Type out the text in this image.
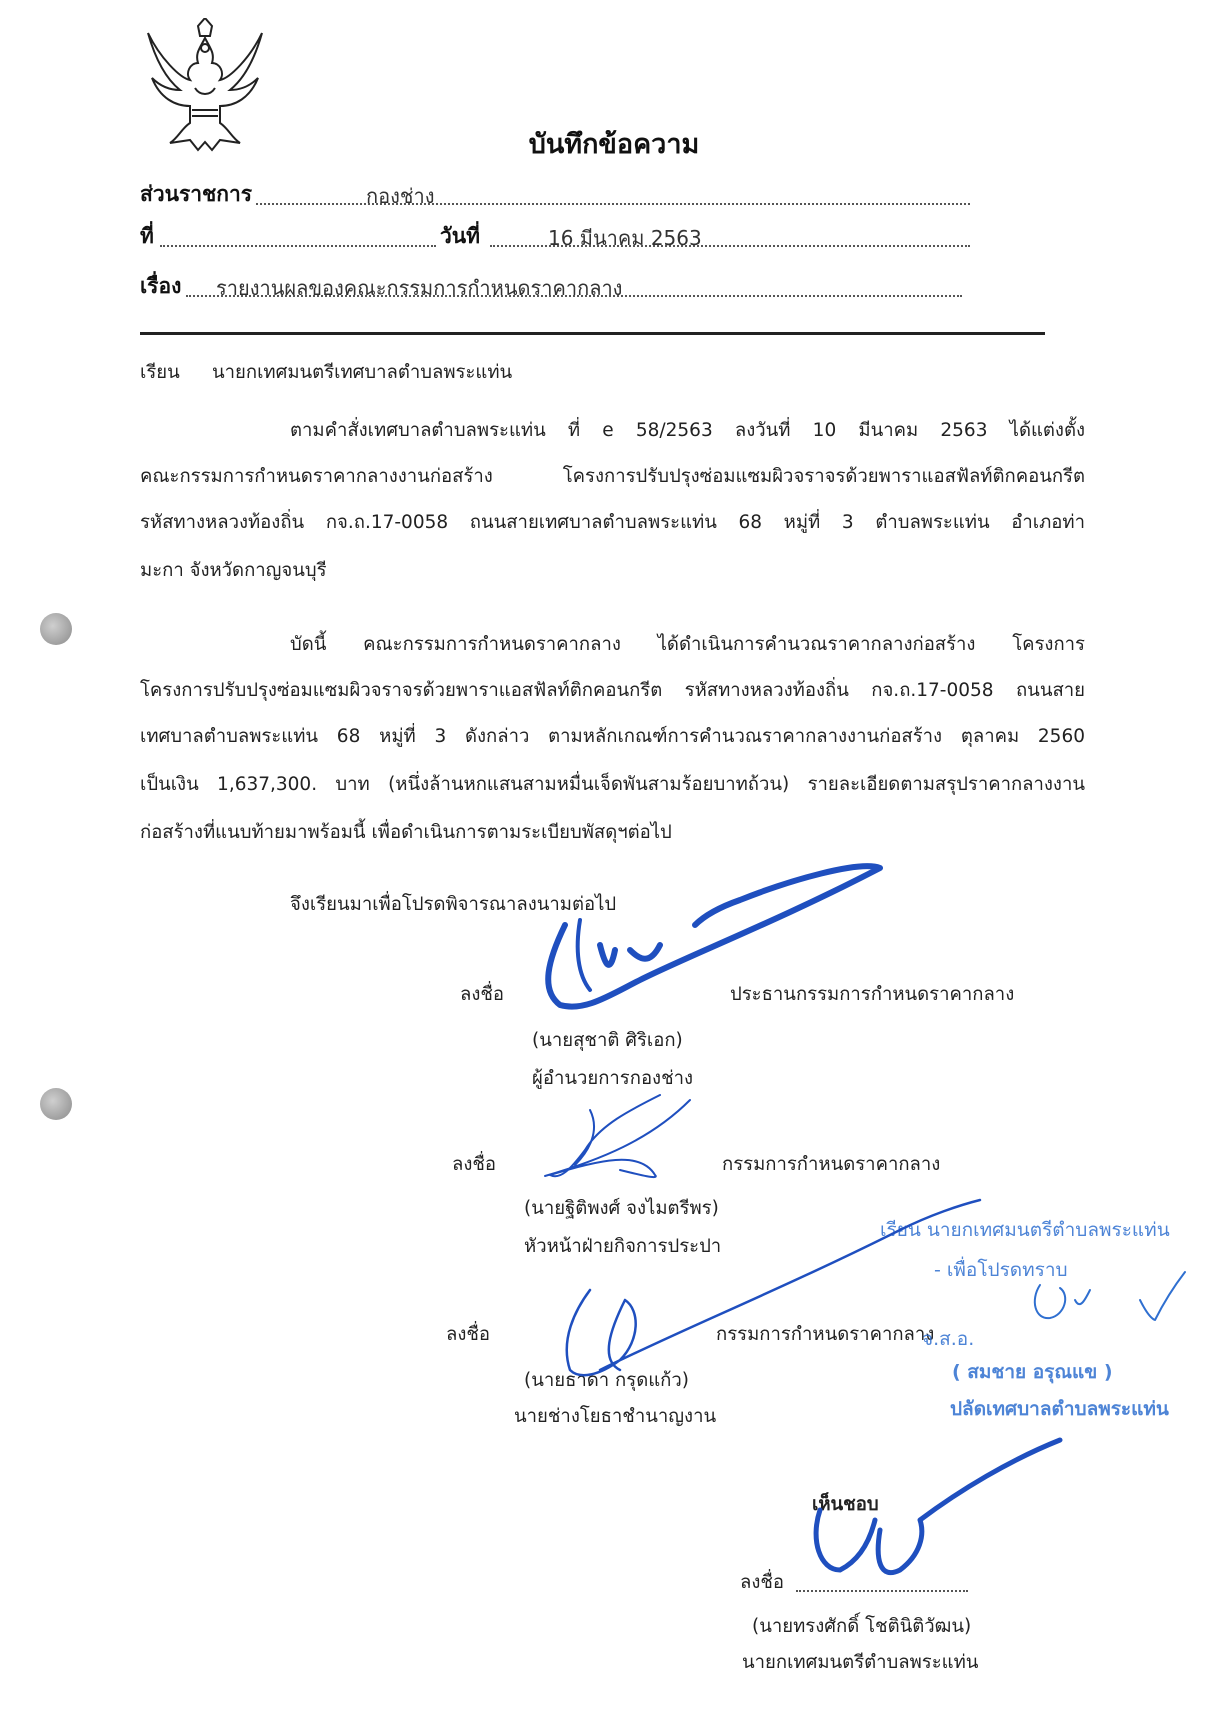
บันทึกข้อความ
ส่วนราชการ	กองช่าง
ที่	วันที่	16 มีนาคม 2563
เรื่อง รายงานผลของคณะกรรมการกำหนดราคากลาง
เรียน นายกเทศมนตรีเทศบาลตำบลพระแท่น
ตามคำสั่งเทศบาลตำบลพระแท่น ที่ e 58/2563 ลงวันที่ 10 มีนาคม 2563 ได้แต่งตั้ง
คณะกรรมการกำหนดราคากลางงานก่อสร้าง โครงการปรับปรุงซ่อมแซมผิวจราจรด้วยพาราแอสฟัลท์ติกคอนกรีต
รหัสทางหลวงท้องถิ่น กจ.ถ.17-0058 ถนนสายเทศบาลตำบลพระแท่น 68 หมู่ที่ 3 ตำบลพระแท่น อำเภอท่า
มะกา จังหวัดกาญจนบุรี
บัดนี้ คณะกรรมการกำหนดราคากลาง ได้ดำเนินการคำนวณราคากลางก่อสร้าง โครงการ
โครงการปรับปรุงซ่อมแซมผิวจราจรด้วยพาราแอสฟัลท์ติกคอนกรีต รหัสทางหลวงท้องถิ่น กจ.ถ.17-0058 ถนนสาย
เทศบาลตำบลพระแท่น 68 หมู่ที่ 3 ดังกล่าว ตามหลักเกณฑ์การคำนวณราคากลางงานก่อสร้าง ตุลาคม 2560
เป็นเงิน 1,637,300. บาท (หนึ่งล้านหกแสนสามหมื่นเจ็ดพันสามร้อยบาทถ้วน) รายละเอียดตามสรุปราคากลางงาน
ก่อสร้างที่แนบท้ายมาพร้อมนี้ เพื่อดำเนินการตามระเบียบพัสดุฯต่อไป
จึงเรียนมาเพื่อโปรดพิจารณาลงนามต่อไป
ลงชื่อ	ประธานกรรมการกำหนดราคากลาง
(นายสุชาติ ศิริเอก)
ผู้อำนวยการกองช่าง
ลงชื่อ	กรรมการกำหนดราคากลาง
(นายฐิติพงศ์ จงไมตรีพร)
หัวหน้าฝ่ายกิจการประปา
ลงชื่อ	กรรมการกำหนดราคากลาง
(นายธาดา กรุดแก้ว)
นายช่างโยธาชำนาญงาน
เรียน นายกเทศมนตรีตำบลพระแท่น
- เพื่อโปรดทราบ
จ.ส.อ.
( สมชาย อรุณแข )
ปลัดเทศบาลตำบลพระแท่น
เห็นชอบ
ลงชื่อ
(นายทรงศักดิ์ โชตินิติวัฒน)
นายกเทศมนตรีตำบลพระแท่น
